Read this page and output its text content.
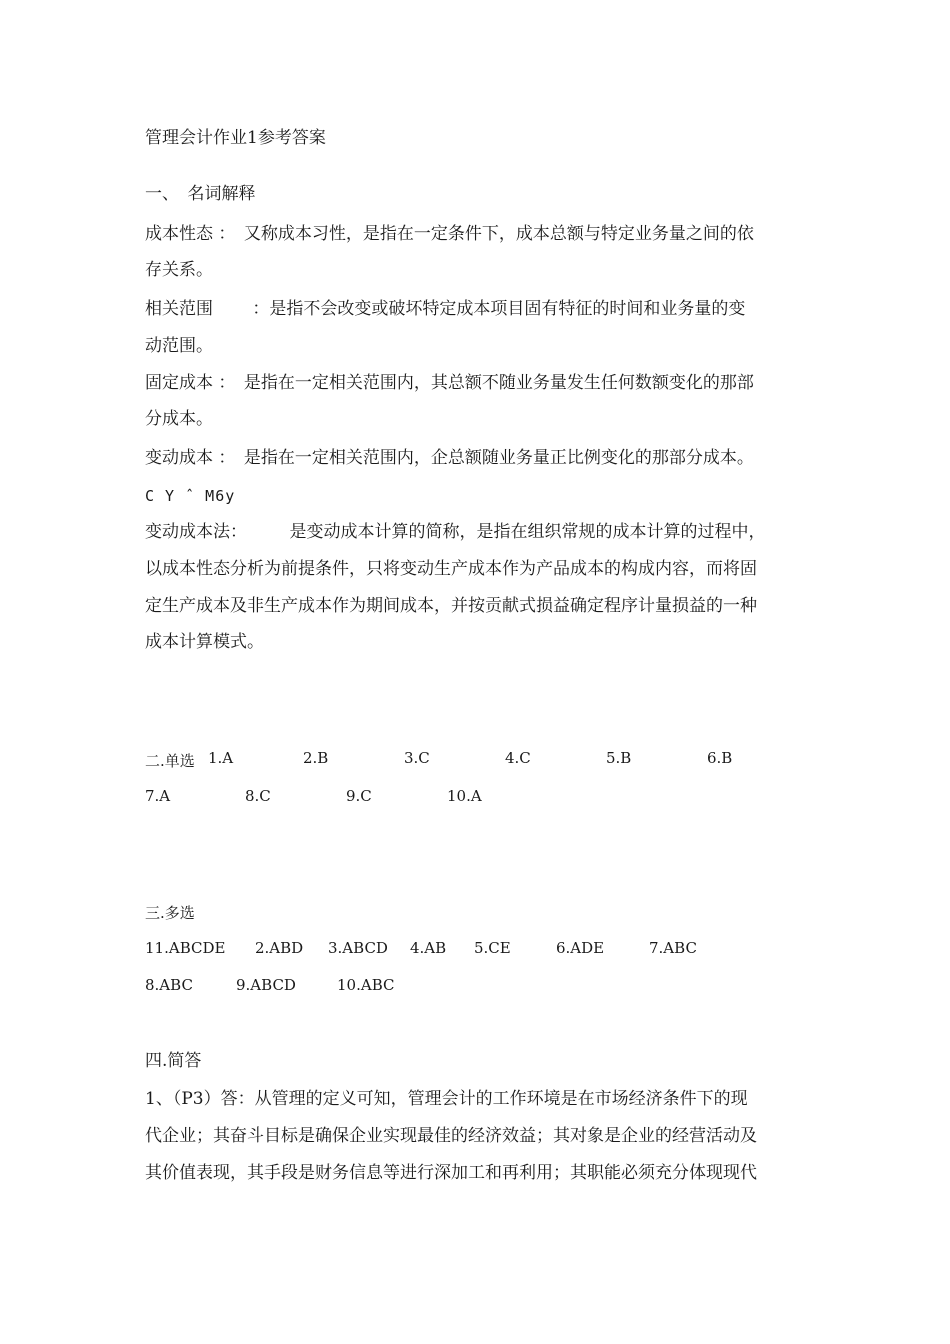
管理会计作业1参考答案
一、　名词解释
成本性态 ：　又称成本习性，是指在一定条件下，成本总额与特定业务量之间的依
存关系。
相关范围　　 ：是指不会改变或破坏特定成本项目固有特征的时间和业务量的变
动范围。
固定成本 ：　是指在一定相关范围内，其总额不随业务量发生任何数额变化的那部
分成本。
变动成本 ：　是指在一定相关范围内，企总额随业务量正比例变化的那部分成本。
C Y ˆ M6y
变动成本法：　　　是变动成本计算的简称，是指在组织常规的成本计算的过程中，
以成本性态分析为前提条件，只将变动生产成本作为产品成本的构成内容，而将固
定生产成本及非生产成本作为期间成本，并按贡献式损益确定程序计量损益的一种
成本计算模式。
二.单选 1.A	2.B	3.C	4.C	5.B	6.B
7.A	8.C	9.C	10.A
三.多选
11.ABCDE 2.ABD 3.ABCD 4.AB 5.CE	6.ADE	7.ABC
8.ABC	9.ABCD	10.ABC
四.简答
1、（P3）答：从管理的定义可知，管理会计的工作环境是在市场经济条件下的现
代企业；其奋斗目标是确保企业实现最佳的经济效益；其对象是企业的经营活动及
其价值表现，其手段是财务信息等进行深加工和再利用；其职能必须充分体现现代
